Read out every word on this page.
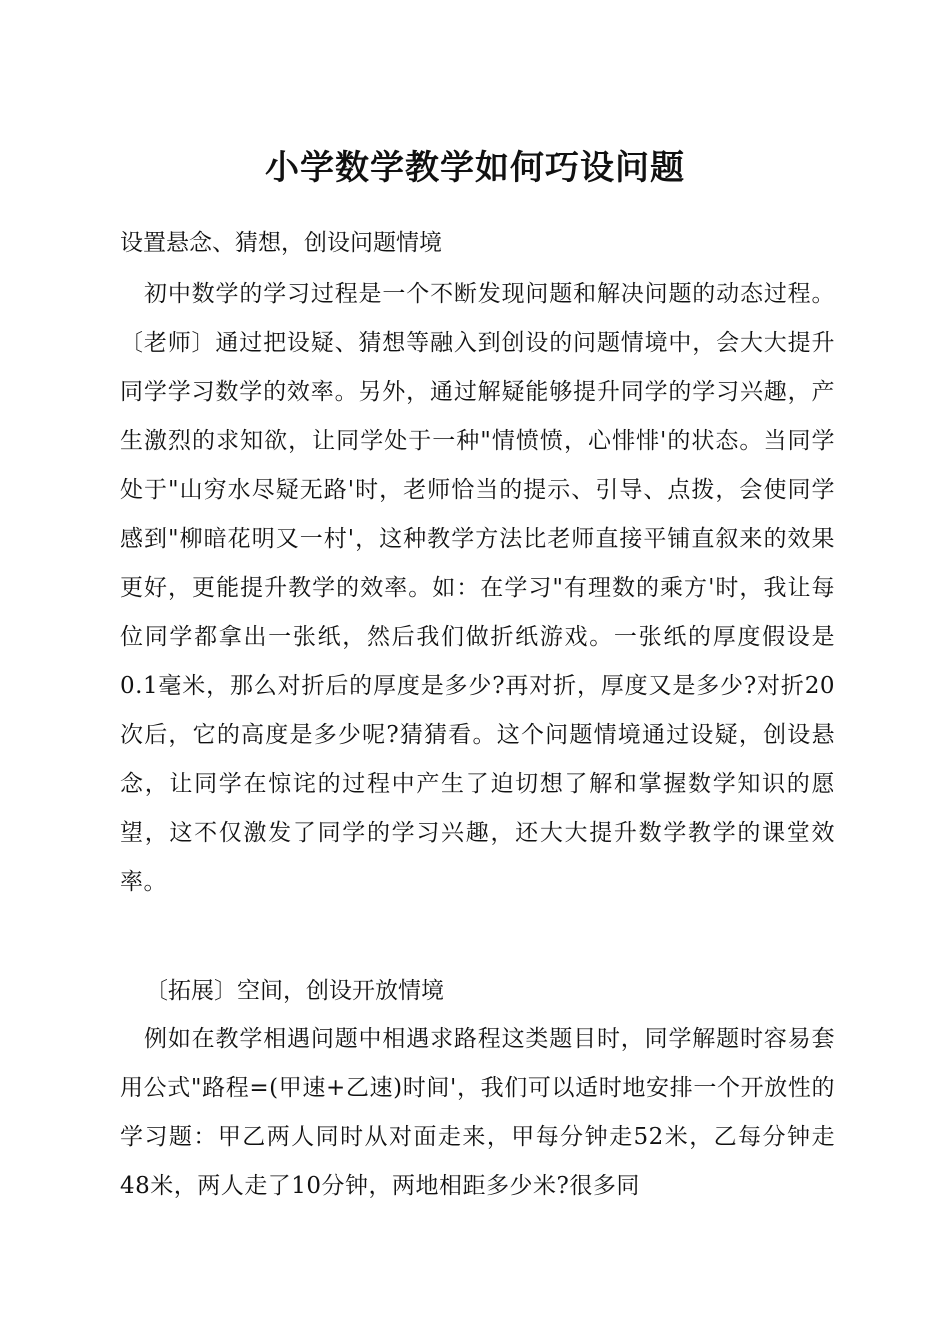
小学数学教学如何巧设问题
设置悬念、猜想，创设问题情境
初中数学的学习过程是一个不断发现问题和解决问题的动态过程。〔老师〕通过把设疑、猜想等融入到创设的问题情境中，会大大提升同学学习数学的效率。另外，通过解疑能够提升同学的学习兴趣，产生激烈的求知欲，让同学处于一种"情愤愤，心悱悱'的状态。当同学处于"山穷水尽疑无路'时，老师恰当的提示、引导、点拨，会使同学感到"柳暗花明又一村'，这种教学方法比老师直接平铺直叙来的效果更好，更能提升教学的效率。如：在学习"有理数的乘方'时，我让每位同学都拿出一张纸，然后我们做折纸游戏。一张纸的厚度假设是0.1毫米，那么对折后的厚度是多少?再对折，厚度又是多少?对折20次后，它的高度是多少呢?猜猜看。这个问题情境通过设疑，创设悬念，让同学在惊诧的过程中产生了迫切想了解和掌握数学知识的愿望，这不仅激发了同学的学习兴趣，还大大提升数学教学的课堂效率。
〔拓展〕空间，创设开放情境
例如在教学相遇问题中相遇求路程这类题目时，同学解题时容易套用公式"路程=(甲速+乙速)时间'，我们可以适时地安排一个开放性的学习题：甲乙两人同时从对面走来，甲每分钟走52米，乙每分钟走48米，两人走了10分钟，两地相距多少米?很多同
